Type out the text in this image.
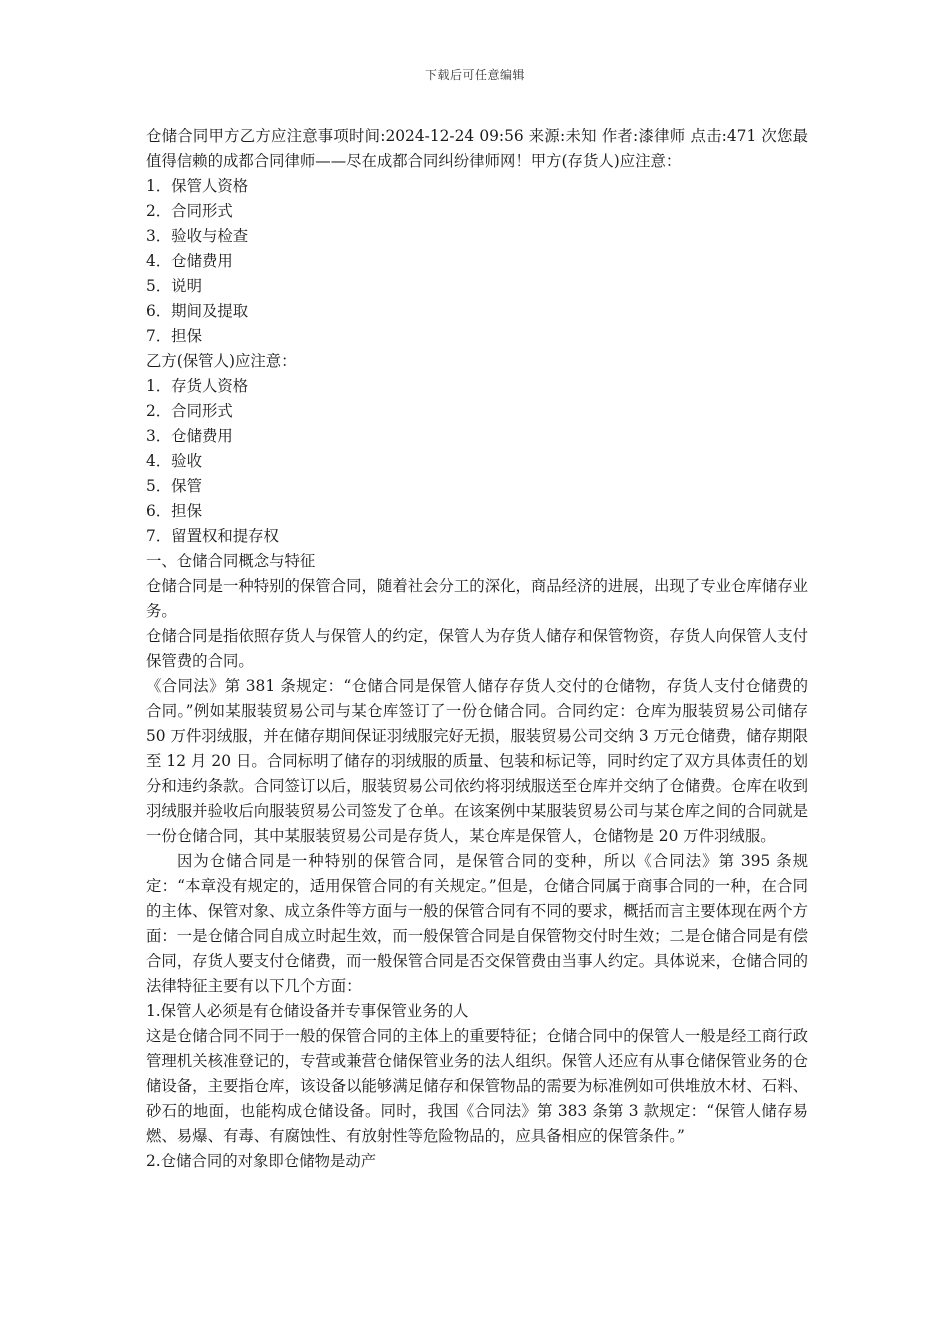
下载后可任意编辑

仓储合同甲方乙方应注意事项时间:2024-12-24 09:56 来源:未知 作者:漆律师 点击:471 次您最值得信赖的成都合同律师——尽在成都合同纠纷律师网！甲方(存货人)应注意：

1．保管人资格

2．合同形式

3．验收与检查

4．仓储费用

5．说明

6．期间及提取

7．担保

乙方(保管人)应注意：

1．存货人资格

2．合同形式

3．仓储费用

4．验收

5．保管

6．担保

7．留置权和提存权

一、仓储合同概念与特征

仓储合同是一种特别的保管合同，随着社会分工的深化，商品经济的进展，出现了专业仓库储存业务。

仓储合同是指依照存货人与保管人的约定，保管人为存货人储存和保管物资，存货人向保管人支付保管费的合同。

《合同法》第 381 条规定：“仓储合同是保管人储存存货人交付的仓储物，存货人支付仓储费的合同。”例如某服装贸易公司与某仓库签订了一份仓储合同。合同约定：仓库为服装贸易公司储存 50 万件羽绒服，并在储存期间保证羽绒服完好无损，服装贸易公司交纳 3 万元仓储费，储存期限至 12 月 20 日。合同标明了储存的羽绒服的质量、包装和标记等，同时约定了双方具体责任的划分和违约条款。合同签订以后，服装贸易公司依约将羽绒服送至仓库并交纳了仓储费。仓库在收到羽绒服并验收后向服装贸易公司签发了仓单。在该案例中某服装贸易公司与某仓库之间的合同就是一份仓储合同，其中某服装贸易公司是存货人，某仓库是保管人，仓储物是 20 万件羽绒服。

因为仓储合同是一种特别的保管合同，是保管合同的变种，所以《合同法》第 395 条规定：“本章没有规定的，适用保管合同的有关规定。”但是，仓储合同属于商事合同的一种，在合同的主体、保管对象、成立条件等方面与一般的保管合同有不同的要求，概括而言主要体现在两个方面：一是仓储合同自成立时起生效，而一般保管合同是自保管物交付时生效；二是仓储合同是有偿合同，存货人要支付仓储费，而一般保管合同是否交保管费由当事人约定。具体说来，仓储合同的法律特征主要有以下几个方面：

1.保管人必须是有仓储设备并专事保管业务的人

这是仓储合同不同于一般的保管合同的主体上的重要特征；仓储合同中的保管人一般是经工商行政管理机关核准登记的，专营或兼营仓储保管业务的法人组织。保管人还应有从事仓储保管业务的仓储设备，主要指仓库，该设备以能够满足储存和保管物品的需要为标准例如可供堆放木材、石料、砂石的地面，也能构成仓储设备。同时，我国《合同法》第 383 条第 3 款规定：“保管人储存易燃、易爆、有毒、有腐蚀性、有放射性等危险物品的，应具备相应的保管条件。”

2.仓储合同的对象即仓储物是动产
